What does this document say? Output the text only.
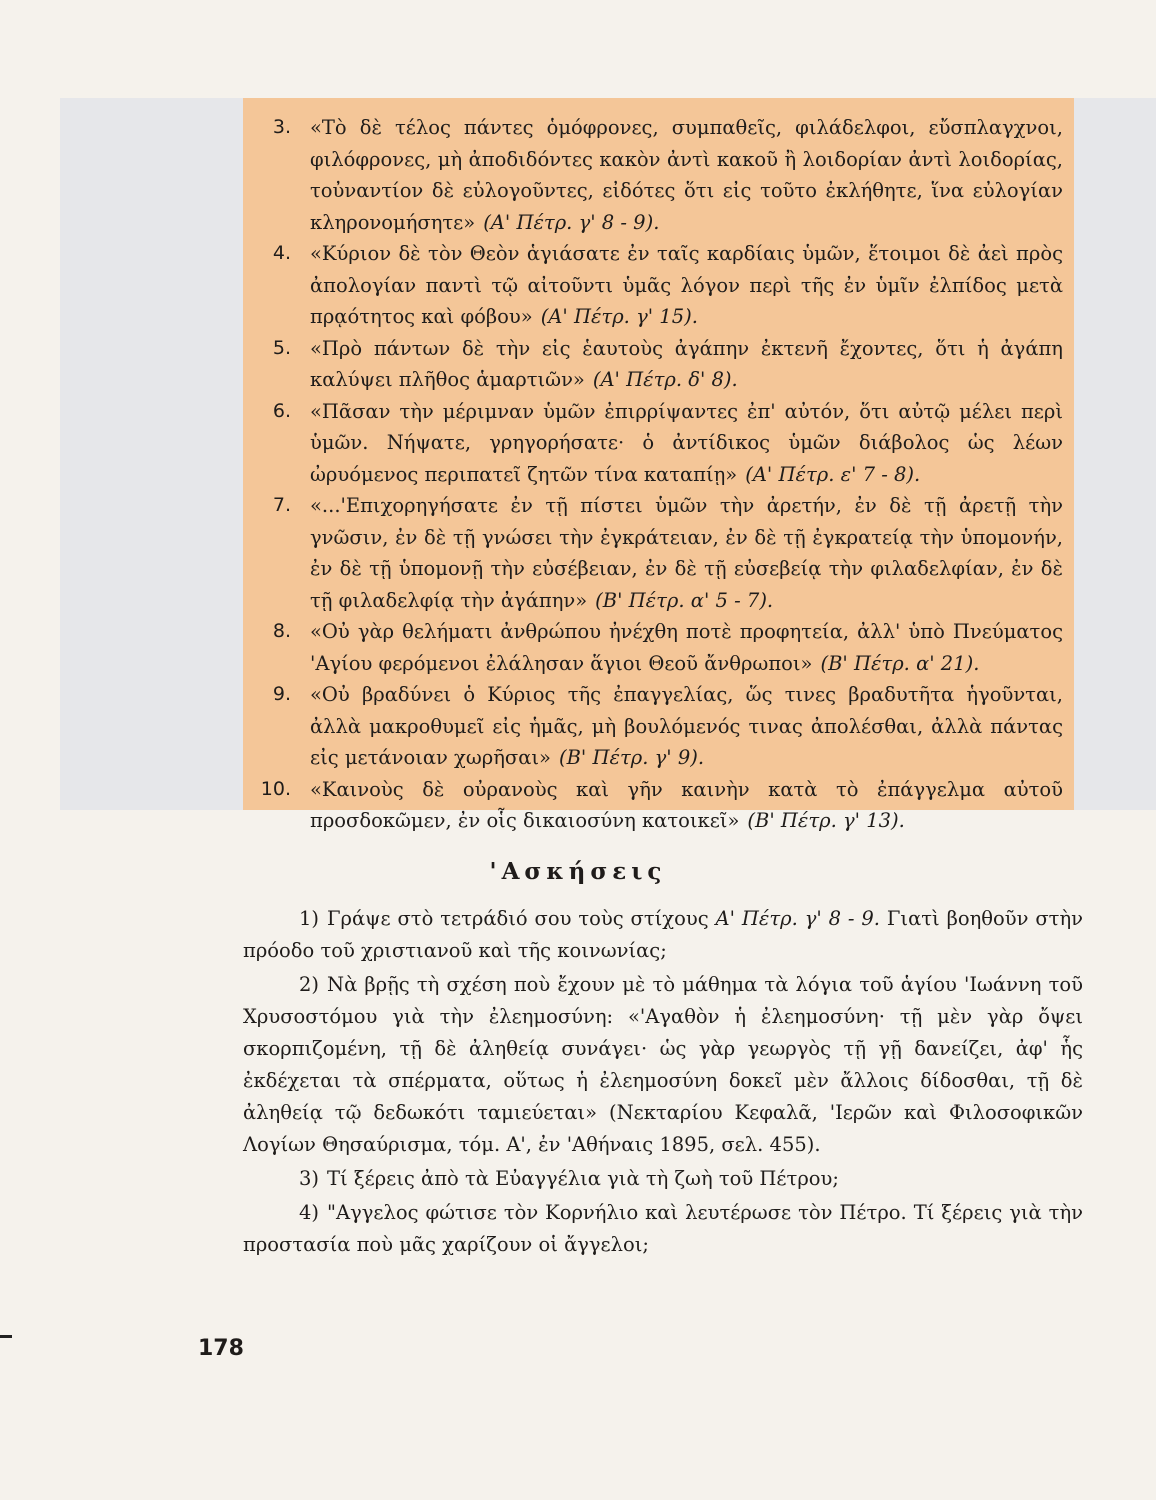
3. «Τὸ δὲ τέλος πάντες ὁμόφρονες, συμπαθεῖς, φιλάδελφοι, εὔσπλαγχνοι, φιλόφρονες, μὴ ἀποδιδόντες κακὸν ἀντὶ κακοῦ ἢ λοιδορίαν ἀντὶ λοιδορίας, τοὐναντίον δὲ εὐλογοῦντες, εἰδότες ὅτι εἰς τοῦτο ἐκλήθητε, ἵνα εὐλογίαν κληρονομήσητε» (Α' Πέτρ. γ' 8 - 9).
4. «Κύριον δὲ τὸν Θεὸν ἁγιάσατε ἐν ταῖς καρδίαις ὑμῶν, ἕτοιμοι δὲ ἀεὶ πρὸς ἀπολογίαν παντὶ τῷ αἰτοῦντι ὑμᾶς λόγον περὶ τῆς ἐν ὑμῖν ἐλπίδος μετὰ πρᾳότητος καὶ φόβου» (Α' Πέτρ. γ' 15).
5. «Πρὸ πάντων δὲ τὴν εἰς ἑαυτοὺς ἀγάπην ἐκτενῆ ἔχοντες, ὅτι ἡ ἀγάπη καλύψει πλῆθος ἁμαρτιῶν» (Α' Πέτρ. δ' 8).
6. «Πᾶσαν τὴν μέριμναν ὑμῶν ἐπιρρίψαντες ἐπ' αὐτόν, ὅτι αὐτῷ μέλει περὶ ὑμῶν. Νήψατε, γρηγορήσατε· ὁ ἀντίδικος ὑμῶν διάβολος ὡς λέων ὠρυόμενος περιπατεῖ ζητῶν τίνα καταπίῃ» (Α' Πέτρ. ε' 7 - 8).
7. «...'Επιχορηγήσατε ἐν τῇ πίστει ὑμῶν τὴν ἀρετήν, ἐν δὲ τῇ ἀρετῇ τὴν γνῶσιν, ἐν δὲ τῇ γνώσει τὴν ἐγκράτειαν, ἐν δὲ τῇ ἐγκρατείᾳ τὴν ὑπομονήν, ἐν δὲ τῇ ὑπομονῇ τὴν εὐσέβειαν, ἐν δὲ τῇ εὐσεβείᾳ τὴν φιλαδελφίαν, ἐν δὲ τῇ φιλαδελφίᾳ τὴν ἀγάπην» (Β' Πέτρ. α' 5 - 7).
8. «Οὐ γὰρ θελήματι ἀνθρώπου ἠνέχθη ποτὲ προφητεία, ἀλλ' ὑπὸ Πνεύματος 'Αγίου φερόμενοι ἐλάλησαν ἅγιοι Θεοῦ ἄνθρωποι» (Β' Πέτρ. α' 21).
9. «Οὐ βραδύνει ὁ Κύριος τῆς ἐπαγγελίας, ὥς τινες βραδυτῆτα ἡγοῦνται, ἀλλὰ μακροθυμεῖ εἰς ἡμᾶς, μὴ βουλόμενός τινας ἀπολέσθαι, ἀλλὰ πάντας εἰς μετάνοιαν χωρῆσαι» (Β' Πέτρ. γ' 9).
10. «Καινοὺς δὲ οὐρανοὺς καὶ γῆν καινὴν κατὰ τὸ ἐπάγγελμα αὐτοῦ προσδοκῶμεν, ἐν οἷς δικαιοσύνη κατοικεῖ» (Β' Πέτρ. γ' 13).
'Ασκήσεις

1) Γράψε στὸ τετράδιό σου τοὺς στίχους Α' Πέτρ. γ' 8 - 9. Γιατὶ βοηθοῦν στὴν πρόοδο τοῦ χριστιανοῦ καὶ τῆς κοινωνίας;

2) Νὰ βρῇς τὴ σχέση ποὺ ἔχουν μὲ τὸ μάθημα τὰ λόγια τοῦ ἁγίου 'Ιωάννη τοῦ Χρυσοστόμου γιὰ τὴν ἐλεημοσύνη: «'Αγαθὸν ἡ ἐλεημοσύνη· τῇ μὲν γὰρ ὄψει σκορπιζομένη, τῇ δὲ ἀληθείᾳ συνάγει· ὡς γὰρ γεωργὸς τῇ γῇ δανείζει, ἀφ' ἧς ἐκδέχεται τὰ σπέρματα, οὕτως ἡ ἐλεημοσύνη δοκεῖ μὲν ἄλλοις δίδοσθαι, τῇ δὲ ἀληθείᾳ τῷ δεδωκότι ταμιεύεται» (Νεκταρίου Κεφαλᾶ, 'Ιερῶν καὶ Φιλοσοφικῶν Λογίων Θησαύρισμα, τόμ. Α', ἐν 'Αθήναις 1895, σελ. 455).

3) Τί ξέρεις ἀπὸ τὰ Εὐαγγέλια γιὰ τὴ ζωὴ τοῦ Πέτρου;

4) "Αγγελος φώτισε τὸν Κορνήλιο καὶ λευτέρωσε τὸν Πέτρο. Τί ξέρεις γιὰ τὴν προστασία ποὺ μᾶς χαρίζουν οἱ ἄγγελοι;

178
